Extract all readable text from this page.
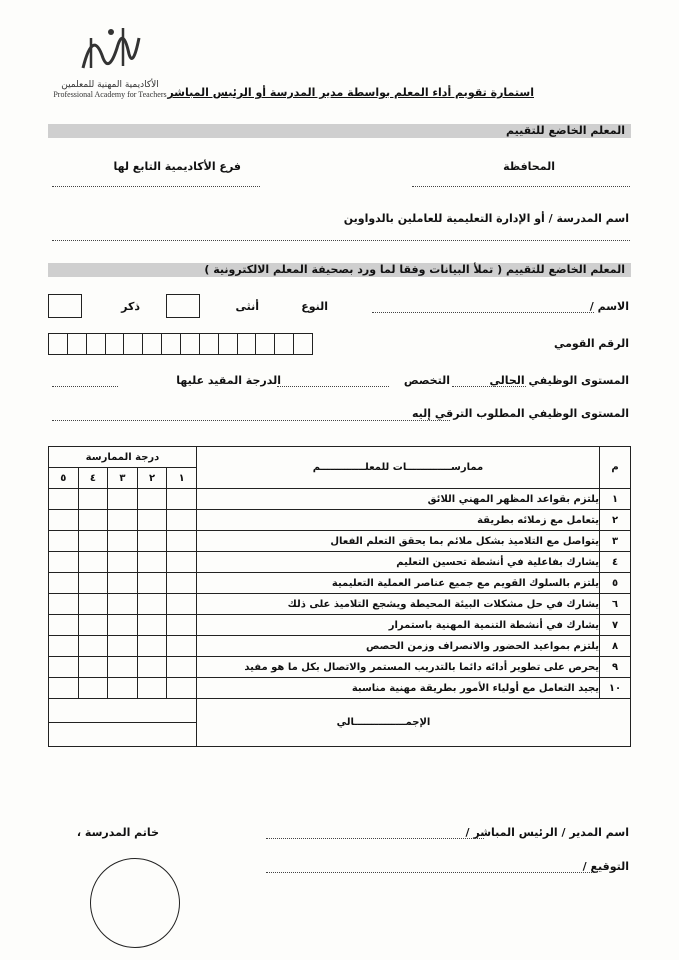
الأكاديمية المهنية للمعلمين
Professional Academy for Teachers استمارة تقويم أداء المعلم بواسطة مدير المدرسة أو الرئيس المباشر
المعلم الخاضع للتقييم
المحافظة
فرع الأكاديمية التابع لها
اسم المدرسة / أو الإدارة التعليمية للعاملين بالدواوين
المعلم الخاضع للتقييم ( تملأ البيانات وفقا لما ورد بصحيفة المعلم الالكترونية )
الاسم /
النوع
أنثى
ذكر
الرقم القومي
المستوى الوظيفي الحالي
التخصص
الدرجة المقيد عليها
المستوى الوظيفي المطلوب الترقي إليه
درجة الممارسة					ممارســـــــــــــات للمعلـــــــــــــم	م
٥	٤	٣	٢	١		
					يلتزم بقواعد المظهر المهني اللائق	١
					يتعامل مع زملائه بطريقة	٢
					يتواصل مع التلاميذ بشكل ملائم بما يحقق التعلم الفعال	٣
					يشارك بفاعلية في أنشطة تحسين التعليم	٤
					يلتزم بالسلوك القويم مع جميع عناصر العملية التعليمية	٥
					يشارك في حل مشكلات البيئة المحيطة ويشجع التلاميذ على ذلك	٦
					يشارك في أنشطة التنمية المهنية باستمرار	٧
					يلتزم بمواعيد الحضور والانصراف وزمن الحصص	٨
					يحرص على تطوير أدائه دائما بالتدريب المستمر والاتصال بكل ما هو مفيد	٩
					يجيد التعامل مع أولياء الأمور بطريقة مهنية مناسبة	١٠
					الإجمـــــــــــــــالي	

اسم المدير / الرئيس المباشر /
خاتم المدرسة ،
التوقيع /
